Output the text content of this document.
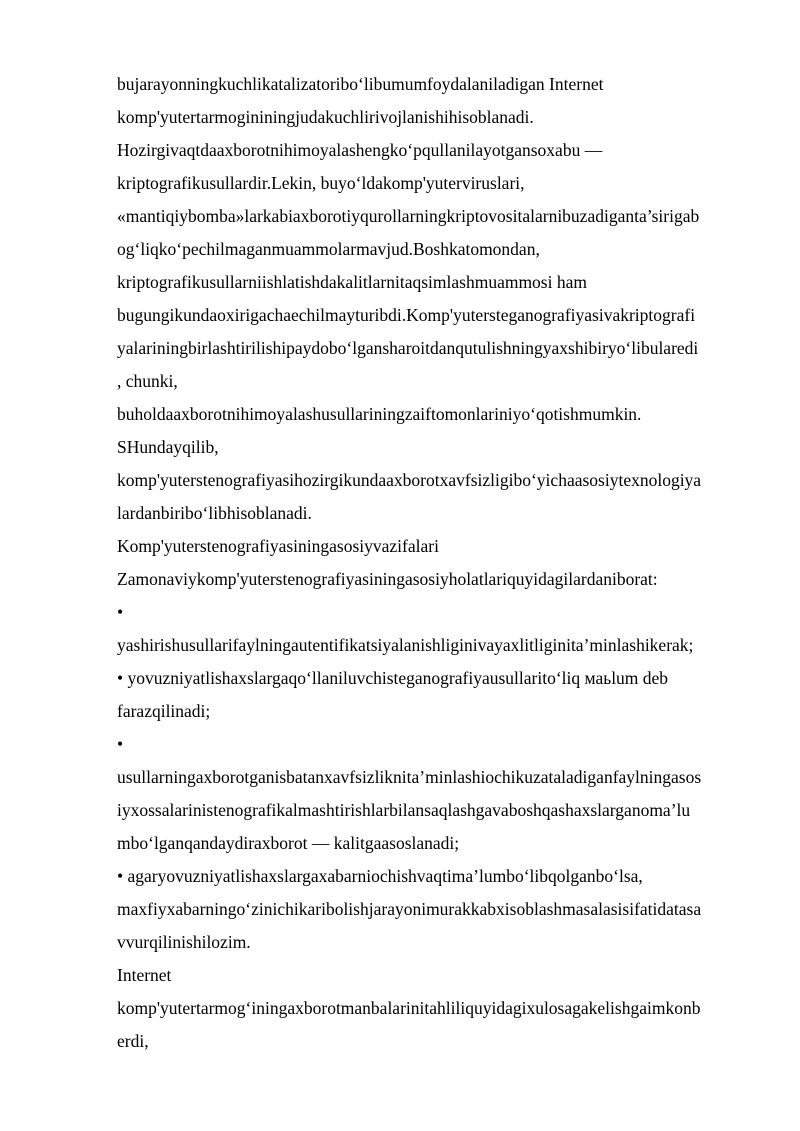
bujarayonningkuchlikatalizatoribo‘libumumfoydalaniladigan Internet
komp'yutertarmogininingjudakuchlirivojlanishihisoblanadi.
Hozirgivaqtdaaxborotnihimoyalashengko‘pqullanilayotgansoxabu —
kriptografikusullardir.Lekin, buyo‘ldakomp'yuterviruslari,
«mantiqiybomba»larkabiaxborotiyqurollarningkriptovositalarnibuzadiganta’sirigab
og‘liqko‘pechilmaganmuammolarmavjud.Boshkatomondan,
kriptografikusullarniishlatishdakalitlarnitaqsimlashmuammosi ham
bugungikundaoxirigachaechilmayturibdi.Komp'yutersteganografiyasivakriptografi
yalariningbirlashtirilishipaydobo‘lgansharoitdanqutulishningyaxshibiryo‘libularedi
, chunki,
buholdaaxborotnihimoyalashusullariningzaiftomonlariniyo‘qotishmumkin.
SHundayqilib,
komp'yuterstenografiyasihozirgikundaaxborotxavfsizligibo‘yichaasosiytexnologiya
lardanbiribo‘libhisoblanadi.
Komp'yuterstenografiyasiningasosiyvazifalari
Zamonaviykomp'yuterstenografiyasiningasosiyholatlariquyidagilardaniborat:
•
yashirishusullarifaylningautentifikatsiyalanishliginivayaxlitliginita’minlashikerak;
• yovuzniyatlishaxslargaqo‘llaniluvchisteganografiyausullarito‘liq маьlum deb
farazqilinadi;
•
usullarningaxborotganisbatanxavfsizliknita’minlashiochikuzataladiganfaylningasos
iyxossalarinistenografikalmashtirishlarbilansaqlashgavaboshqashaxslarganoma’lu
mbo‘lganqandaydiraxborot — kalitgaasoslanadi;
• agaryovuzniyatlishaxslargaxabarniochishvaqtima’lumbo‘libqolganbo‘lsa,
maxfiyxabarningo‘zinichikaribolishjarayonimurakkabxisoblashmasalasisifatidatasa
vvurqilinishilozim.
Internet
komp'yutertarmog‘iningaxborotmanbalarinitahliliquyidagixulosagakelishgaimkonb
erdi,
